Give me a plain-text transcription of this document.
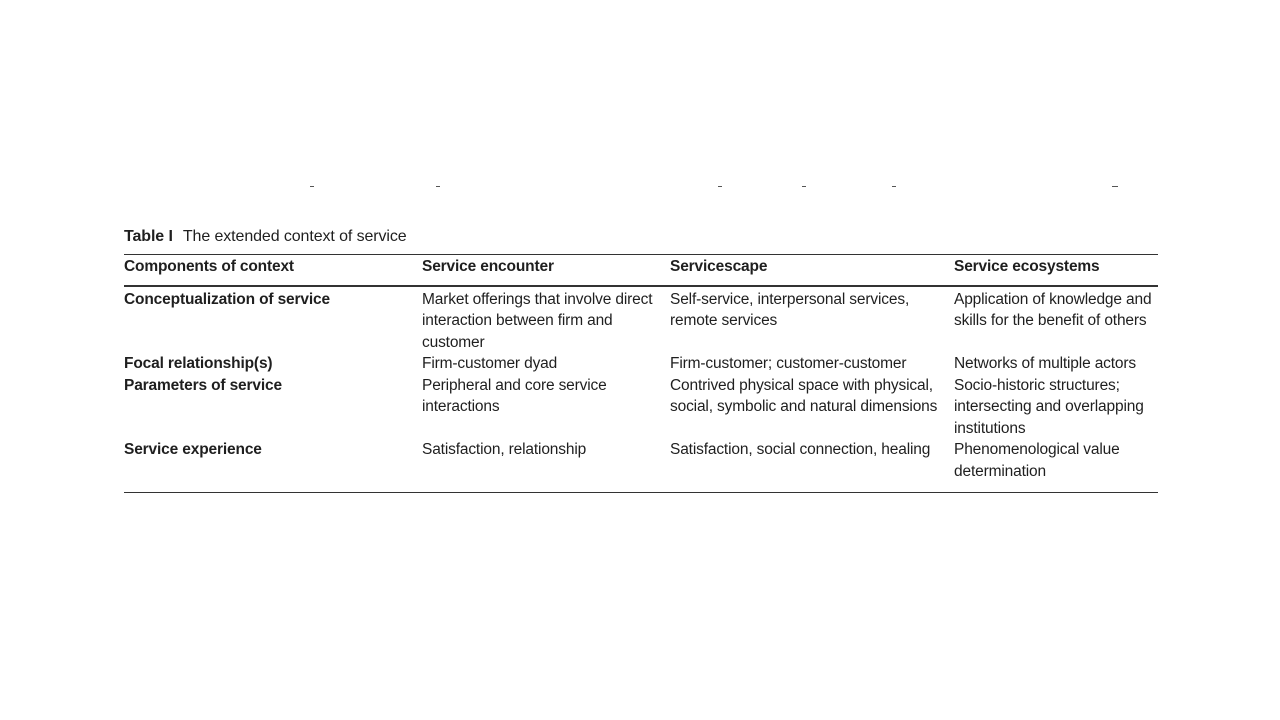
Table I The extended context of service
Components of context	Service encounter	Servicescape	Service ecosystems
Conceptualization of service	Market offerings that involve direct interaction between firm and customer	Self-service, interpersonal services, remote services	Application of knowledge and skills for the benefit of others

Focal relationship(s)	Firm-customer dyad	Firm-customer; customer-customer	Networks of multiple actors

Parameters of service	Peripheral and core service interactions	Contrived physical space with physical, social, symbolic and natural dimensions	Socio-historic structures; intersecting and overlapping institutions

Service experience	Satisfaction, relationship	Satisfaction, social connection, healing	Phenomenological value determination
